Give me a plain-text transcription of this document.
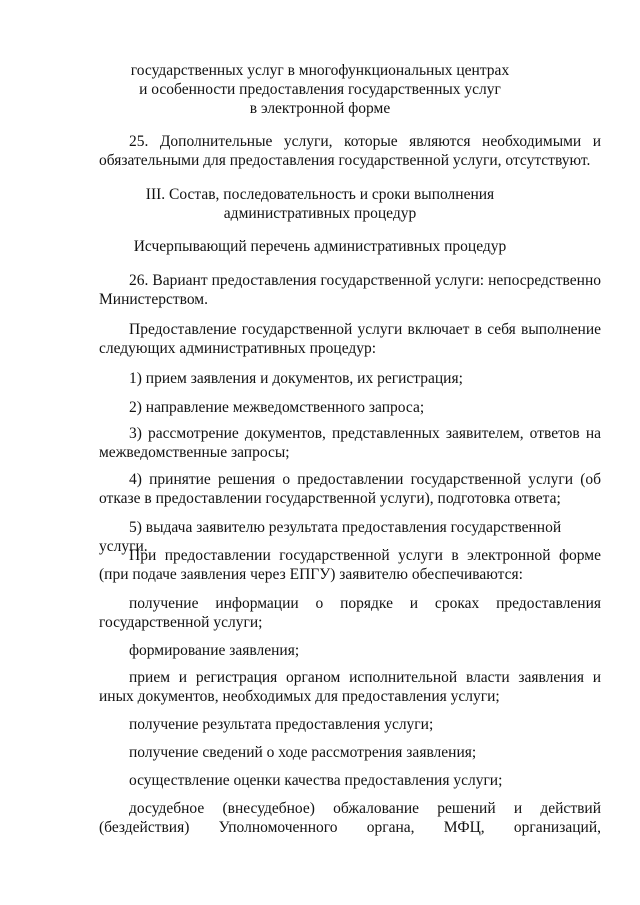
государственных услуг в многофункциональных центрах

и особенности предоставления государственных услуг

в электронной форме

25. Дополнительные услуги, которые являются необходимыми и обязательными для предоставления государственной услуги, отсутствуют.

III. Состав, последовательность и сроки выполнения

административных процедур

Исчерпывающий перечень административных процедур

26. Вариант предоставления государственной услуги: непосредственно Министерством.

Предоставление государственной услуги включает в себя выполнение следующих административных процедур:

1) прием заявления и документов, их регистрация;

2) направление межведомственного запроса;

3) рассмотрение документов, представленных заявителем, ответов на межведомственные запросы;

4) принятие решения о предоставлении государственной услуги (об отказе в предоставлении государственной услуги), подготовка ответа;

5) выдача заявителю результата предоставления государственной услуги.

При предоставлении государственной услуги в электронной форме (при подаче заявления через ЕПГУ) заявителю обеспечиваются:

получение информации о порядке и сроках предоставления государственной услуги;

формирование заявления;

прием и регистрация органом исполнительной власти заявления и иных документов, необходимых для предоставления услуги;

получение результата предоставления услуги;

получение сведений о ходе рассмотрения заявления;

осуществление оценки качества предоставления услуги;

досудебное (внесудебное) обжалование решений и действий

(бездействия) Уполномоченного органа, МФЦ, организаций,
